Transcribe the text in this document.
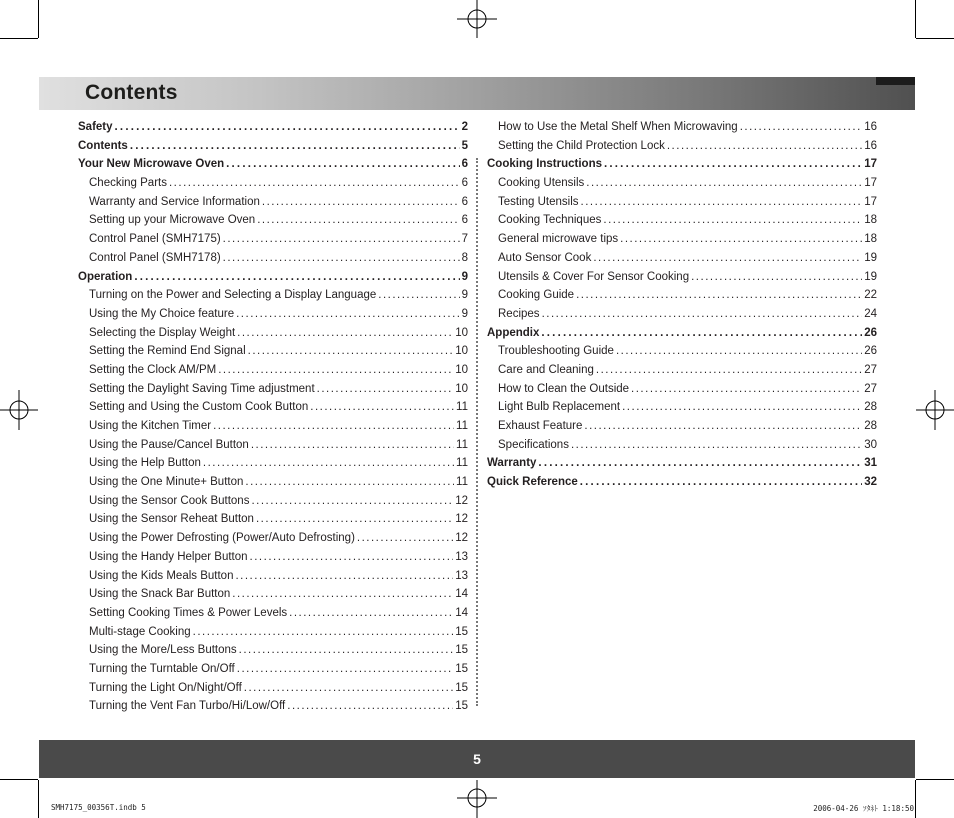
Contents
Safety .....	2
Contents .....	5
Your New Microwave Oven .....	6
Checking Parts .....	6
Warranty and Service Information .....	6
Setting up your Microwave Oven .....	6
Control Panel (SMH7175) .....	7
Control Panel (SMH7178) .....	8
Operation .....	9
Turning on the Power and Selecting a Display Language .....	9
Using the My Choice feature .....	9
Selecting the Display Weight .....	10
Setting the Remind End Signal .....	10
Setting the Clock AM/PM .....	10
Setting the Daylight Saving Time adjustment .....	10
Setting and Using the Custom Cook Button .....	11
Using the Kitchen Timer .....	11
Using the Pause/Cancel Button .....	11
Using the Help Button .....	11
Using the One Minute+ Button .....	11
Using the Sensor Cook Buttons .....	12
Using the Sensor Reheat Button .....	12
Using the Power Defrosting (Power/Auto Defrosting) .....	12
Using the Handy Helper Button .....	13
Using the Kids Meals Button .....	13
Using the Snack Bar Button .....	14
Setting Cooking Times & Power Levels .....	14
Multi-stage Cooking .....	15
Using the More/Less Buttons .....	15
Turning the Turntable On/Off .....	15
Turning the Light On/Night/Off .....	15
Turning the Vent Fan Turbo/Hi/Low/Off .....	15
How to Use the Metal Shelf When Microwaving .....	16
Setting the Child Protection Lock .....	16
Cooking Instructions .....	17
Cooking Utensils .....	17
Testing Utensils .....	17
Cooking Techniques .....	18
General microwave tips .....	18
Auto Sensor Cook .....	19
Utensils & Cover For Sensor Cooking .....	19
Cooking Guide .....	22
Recipes .....	24
Appendix .....	26
Troubleshooting Guide .....	26
Care and Cleaning .....	27
How to Clean the Outside .....	27
Light Bulb Replacement .....	28
Exhaust Feature .....	28
Specifications .....	30
Warranty .....	31
Quick Reference .....	32
5
SMH7175_00356T.indb 5	2006-04-26 ｿﾀﾈﾄ 1:18:50
